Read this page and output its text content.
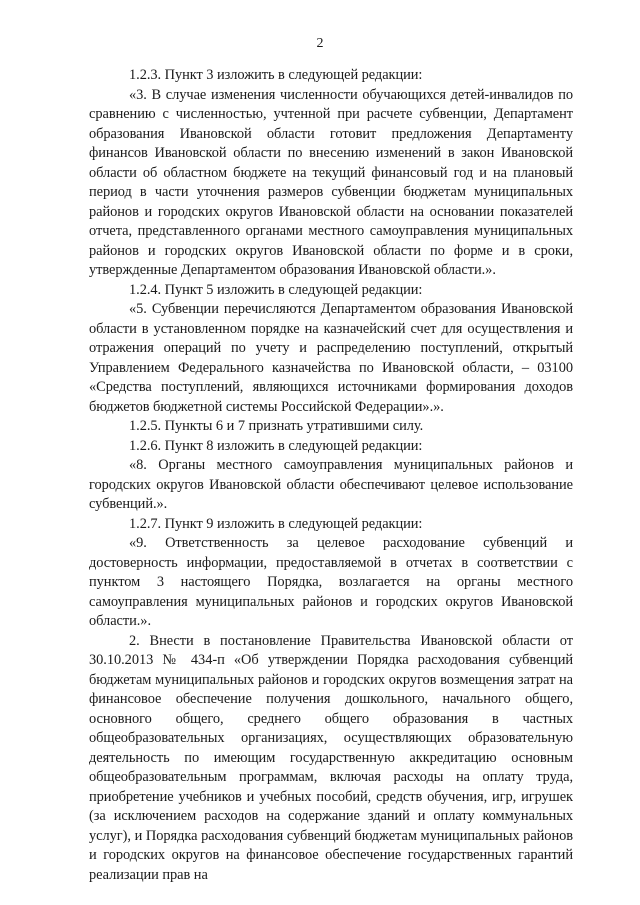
2

1.2.3. Пункт 3 изложить в следующей редакции:

«3. В случае изменения численности обучающихся детей-инвалидов по сравнению с численностью, учтенной при расчете субвенции, Департамент образования Ивановской области готовит предложения Департаменту финансов Ивановской области по внесению изменений в закон Ивановской области об областном бюджете на текущий финансовый год и на плановый период в части уточнения размеров субвенции бюджетам муниципальных районов и городских округов Ивановской области на основании показателей отчета, представленного органами местного самоуправления муниципальных районов и городских округов Ивановской области по форме и в сроки, утвержденные Департаментом образования Ивановской области.».

1.2.4. Пункт 5 изложить в следующей редакции:

«5. Субвенции перечисляются Департаментом образования Ивановской области в установленном порядке на казначейский счет для осуществления и отражения операций по учету и распределению поступлений, открытый Управлением Федерального казначейства по Ивановской области, – 03100 «Средства поступлений, являющихся источниками формирования доходов бюджетов бюджетной системы Российской Федерации».».

1.2.5. Пункты 6 и 7 признать утратившими силу.

1.2.6. Пункт 8 изложить в следующей редакции:

«8. Органы местного самоуправления муниципальных районов и городских округов Ивановской области обеспечивают целевое использование субвенций.».

1.2.7. Пункт 9 изложить в следующей редакции:

«9. Ответственность за целевое расходование субвенций и достоверность информации, предоставляемой в отчетах в соответствии с пунктом 3 настоящего Порядка, возлагается на органы местного самоуправления муниципальных районов и городских округов Ивановской области.».

2. Внести в постановление Правительства Ивановской области от 30.10.2013 № 434-п «Об утверждении Порядка расходования субвенций бюджетам муниципальных районов и городских округов возмещения затрат на финансовое обеспечение получения дошкольного, начального общего, основного общего, среднего общего образования в частных общеобразовательных организациях, осуществляющих образовательную деятельность по имеющим государственную аккредитацию основным общеобразовательным программам, включая расходы на оплату труда, приобретение учебников и учебных пособий, средств обучения, игр, игрушек (за исключением расходов на содержание зданий и оплату коммунальных услуг), и Порядка расходования субвенций бюджетам муниципальных районов и городских округов на финансовое обеспечение государственных гарантий реализации прав на
